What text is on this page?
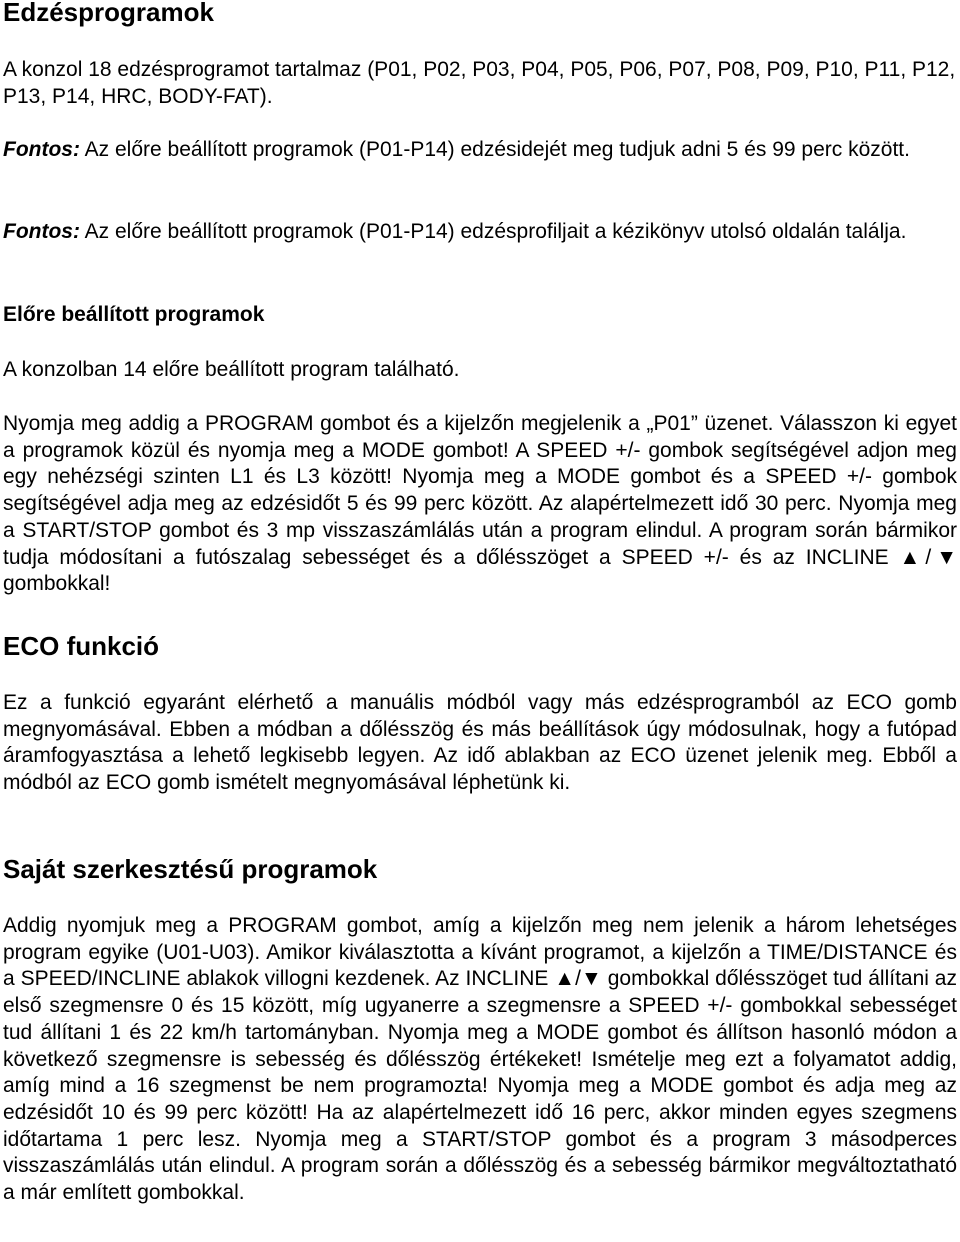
Edzésprogramok

A konzol 18 edzésprogramot tartalmaz (P01, P02, P03, P04, P05, P06, P07, P08, P09, P10, P11, P12, P13, P14, HRC, BODY-FAT).

Fontos: Az előre beállított programok (P01-P14) edzésidejét meg tudjuk adni 5 és 99 perc között.

Fontos: Az előre beállított programok (P01-P14) edzésprofiljait a kézikönyv utolsó oldalán találja.

Előre beállított programok

A konzolban 14 előre beállított program található.

Nyomja meg addig a PROGRAM gombot és a kijelzőn megjelenik a „P01” üzenet. Válasszon ki egyet a programok közül és nyomja meg a MODE gombot! A SPEED +/- gombok segítségével adjon meg egy nehézségi szinten L1 és L3 között! Nyomja meg a MODE gombot és a SPEED +/- gombok segítségével adja meg az edzésidőt 5 és 99 perc között. Az alapértelmezett idő 30 perc. Nyomja meg a START/STOP gombot és 3 mp visszaszámlálás után a program elindul. A program során bármikor tudja módosítani a futószalag sebességet és a dőlésszöget a SPEED +/- és az INCLINE ▲/▼ gombokkal!

ECO funkció

Ez a funkció egyaránt elérhető a manuális módból vagy más edzésprogramból az ECO gomb megnyomásával. Ebben a módban a dőlésszög és más beállítások úgy módosulnak, hogy a futópad áramfogyasztása a lehető legkisebb legyen. Az idő ablakban az ECO üzenet jelenik meg. Ebből a módból az ECO gomb ismételt megnyomásával léphetünk ki.

Saját szerkesztésű programok

Addig nyomjuk meg a PROGRAM gombot, amíg a kijelzőn meg nem jelenik a három lehetséges program egyike (U01-U03). Amikor kiválasztotta a kívánt programot, a kijelzőn a TIME/DISTANCE és a SPEED/INCLINE ablakok villogni kezdenek. Az INCLINE ▲/▼ gombokkal dőlésszöget tud állítani az első szegmensre 0 és 15 között, míg ugyanerre a szegmensre a SPEED +/- gombokkal sebességet tud állítani 1 és 22 km/h tartományban. Nyomja meg a MODE gombot és állítson hasonló módon a következő szegmensre is sebesség és dőlésszög értékeket! Ismételje meg ezt a folyamatot addig, amíg mind a 16 szegmenst be nem programozta! Nyomja meg a MODE gombot és adja meg az edzésidőt 10 és 99 perc között! Ha az alapértelmezett idő 16 perc, akkor minden egyes szegmens időtartama 1 perc lesz. Nyomja meg a START/STOP gombot és a program 3 másodperces visszaszámlálás után elindul. A program során a dőlésszög és a sebesség bármikor megváltoztatható a már említett gombokkal.
